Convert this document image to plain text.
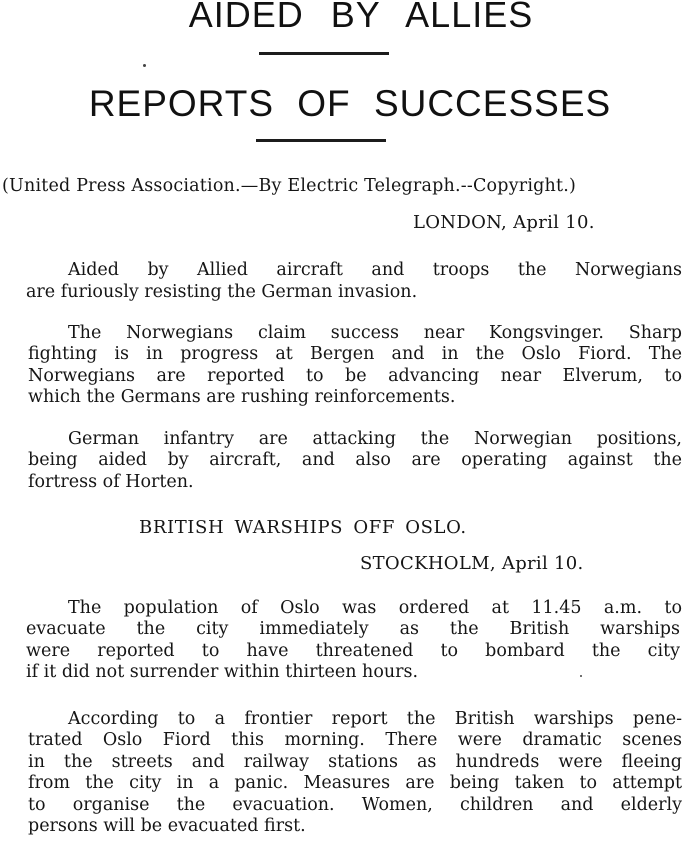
AIDED BY ALLIES
REPORTS OF SUCCESSES
(United Press Association.—By Electric Telegraph.--Copyright.)
LONDON, April 10.
Aided by Allied aircraft and troops the Norwegians
are furiously resisting the German invasion.
The Norwegians claim success near Kongsvinger. Sharp
fighting is in progress at Bergen and in the Oslo Fiord. The
Norwegians are reported to be advancing near Elverum, to
which the Germans are rushing reinforcements.
German infantry are attacking the Norwegian positions,
being aided by aircraft, and also are operating against the
fortress of Horten.
BRITISH WARSHIPS OFF OSLO.
STOCKHOLM, April 10.
The population of Oslo was ordered at 11.45 a.m. to
evacuate the city immediately as the British warships
were reported to have threatened to bombard the city
if it did not surrender within thirteen hours.
According to a frontier report the British warships pene-
trated Oslo Fiord this morning. There were dramatic scenes
in the streets and railway stations as hundreds were fleeing
from the city in a panic. Measures are being taken to attempt
to organise the evacuation. Women, children and elderly
persons will be evacuated first.
